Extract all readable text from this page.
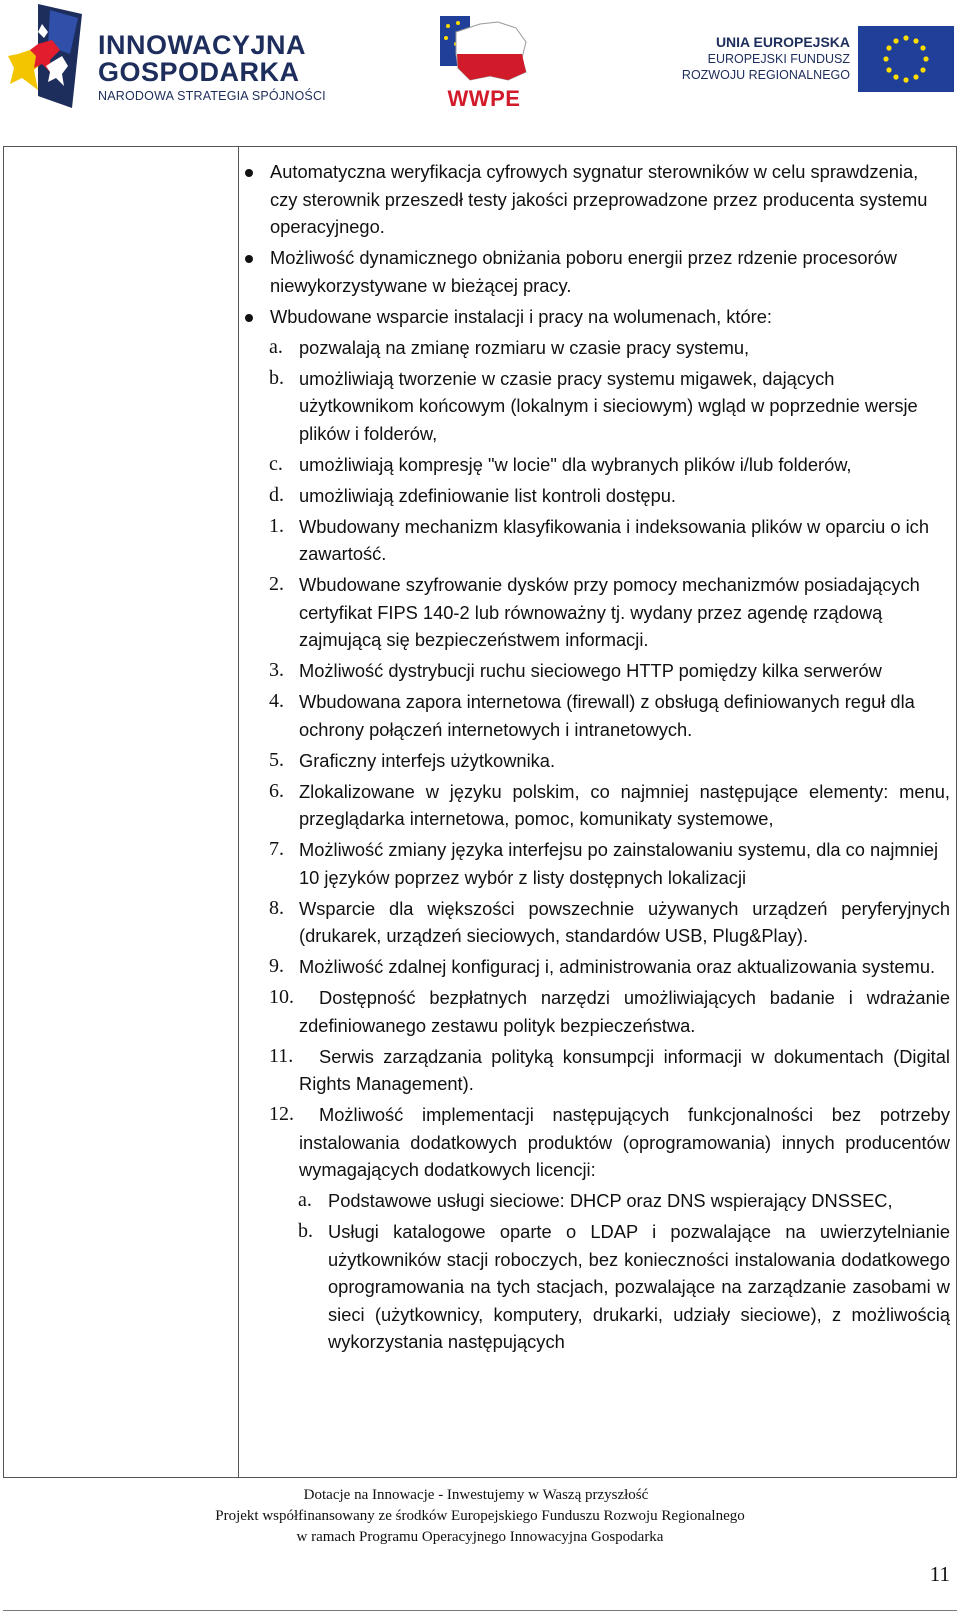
INNOWACYJNA
GOSPODARKA
NARODOWA STRATEGIA SPÓJNOŚCI	WWPE
UNIA EUROPEJSKA
EUROPEJSKI FUNDUSZ
ROZWOJU REGIONALNEGO
Automatyczna weryfikacja cyfrowych sygnatur sterowników w celu sprawdzenia, czy sterownik przeszedł testy jakości przeprowadzone przez producenta systemu operacyjnego.
Możliwość dynamicznego obniżania poboru energii przez rdzenie procesorów niewykorzystywane w bieżącej pracy.
Wbudowane wsparcie instalacji i pracy na wolumenach, które:
a. pozwalają na zmianę rozmiaru w czasie pracy systemu,
b. umożliwiają tworzenie w czasie pracy systemu migawek, dających użytkownikom końcowym (lokalnym i sieciowym) wgląd w poprzednie wersje plików i folderów,
c. umożliwiają kompresję "w locie" dla wybranych plików i/lub folderów,
d. umożliwiają zdefiniowanie list kontroli dostępu.
1. Wbudowany mechanizm klasyfikowania i indeksowania plików w oparciu o ich zawartość.
2. Wbudowane szyfrowanie dysków przy pomocy mechanizmów posiadających certyfikat FIPS 140-2 lub równoważny tj. wydany przez agendę rządową zajmującą się bezpieczeństwem informacji.
3. Możliwość dystrybucji ruchu sieciowego HTTP pomiędzy kilka serwerów
4. Wbudowana zapora internetowa (firewall) z obsługą definiowanych reguł dla ochrony połączeń internetowych i intranetowych.
5. Graficzny interfejs użytkownika.
6. Zlokalizowane w języku polskim, co najmniej następujące elementy: menu, przeglądarka internetowa, pomoc, komunikaty systemowe,
7. Możliwość zmiany języka interfejsu po zainstalowaniu systemu, dla co najmniej 10 języków poprzez wybór z listy dostępnych lokalizacji
8. Wsparcie dla większości powszechnie używanych urządzeń peryferyjnych (drukarek, urządzeń sieciowych, standardów USB, Plug&Play).
9. Możliwość zdalnej konfiguracj i, administrowania oraz aktualizowania systemu.
10. Dostępność bezpłatnych narzędzi umożliwiających badanie i wdrażanie zdefiniowanego zestawu polityk bezpieczeństwa.
11. Serwis zarządzania polityką konsumpcji informacji w dokumentach (Digital Rights Management).
12. Możliwość implementacji następujących funkcjonalności bez potrzeby instalowania dodatkowych produktów (oprogramowania) innych producentów wymagających dodatkowych licencji:
a. Podstawowe usługi sieciowe: DHCP oraz DNS wspierający DNSSEC,
b. Usługi katalogowe oparte o LDAP i pozwalające na uwierzytelnianie użytkowników stacji roboczych, bez konieczności instalowania dodatkowego oprogramowania na tych stacjach, pozwalające na zarządzanie zasobami w sieci (użytkownicy, komputery, drukarki, udziały sieciowe), z możliwością wykorzystania następujących
Dotacje na Innowacje - Inwestujemy w Waszą przyszłość
Projekt współfinansowany ze środków Europejskiego Funduszu Rozwoju Regionalnego
w ramach Programu Operacyjnego Innowacyjna Gospodarka
11
